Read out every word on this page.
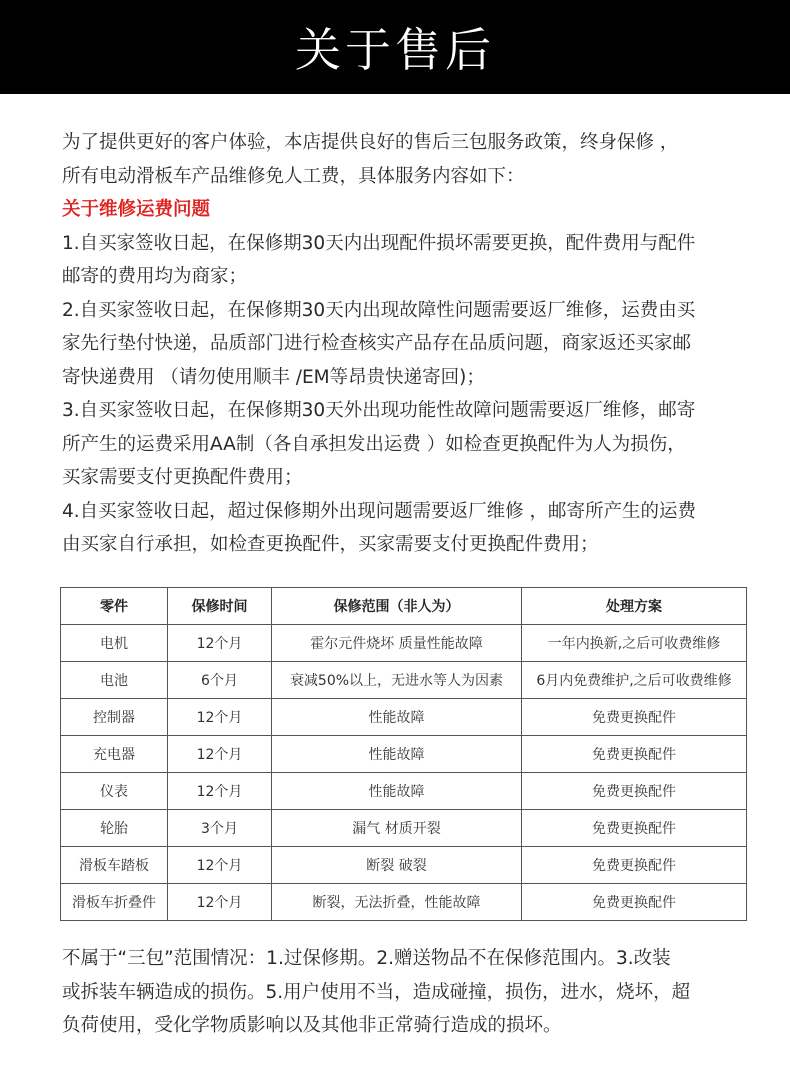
关于售后

为了提供更好的客户体验，本店提供良好的售后三包服务政策，终身保修 ，

所有电动滑板车产品维修免人工费，具体服务内容如下：

关于维修运费问题

1.自买家签收日起，在保修期30天内出现配件损坏需要更换，配件费用与配件

邮寄的费用均为商家；

2.自买家签收日起，在保修期30天内出现故障性问题需要返厂维修，运费由买

家先行垫付快递，品质部门进行检查核实产品存在品质问题，商家返还买家邮

寄快递费用 （请勿使用顺丰 /EM等昂贵快递寄回)；

3.自买家签收日起，在保修期30天外出现功能性故障问题需要返厂维修，邮寄

所产生的运费采用AA制（各自承担发出运费 ）如检查更换配件为人为损伤，

买家需要支付更换配件费用；

4.自买家签收日起，超过保修期外出现问题需要返厂维修 ，邮寄所产生的运费

由买家自行承担，如检查更换配件，买家需要支付更换配件费用；

零件	保修时间	保修范围（非人为）	处理方案
电机	12个月	霍尔元件烧坏 质量性能故障	一年内换新,之后可收费维修
电池	6个月	衰减50%以上，无进水等人为因素	6月内免费维护,之后可收费维修
控制器	12个月	性能故障	免费更换配件
充电器	12个月	性能故障	免费更换配件
仪表	12个月	性能故障	免费更换配件
轮胎	3个月	漏气 材质开裂	免费更换配件
滑板车踏板	12个月	断裂 破裂	免费更换配件
滑板车折叠件	12个月	断裂，无法折叠，性能故障	免费更换配件

不属于“三包”范围情况：1.过保修期。2.赠送物品不在保修范围内。3.改装

或拆装车辆造成的损伤。5.用户使用不当，造成碰撞，损伤，进水，烧坏，超

负荷使用，受化学物质影响以及其他非正常骑行造成的损坏。
